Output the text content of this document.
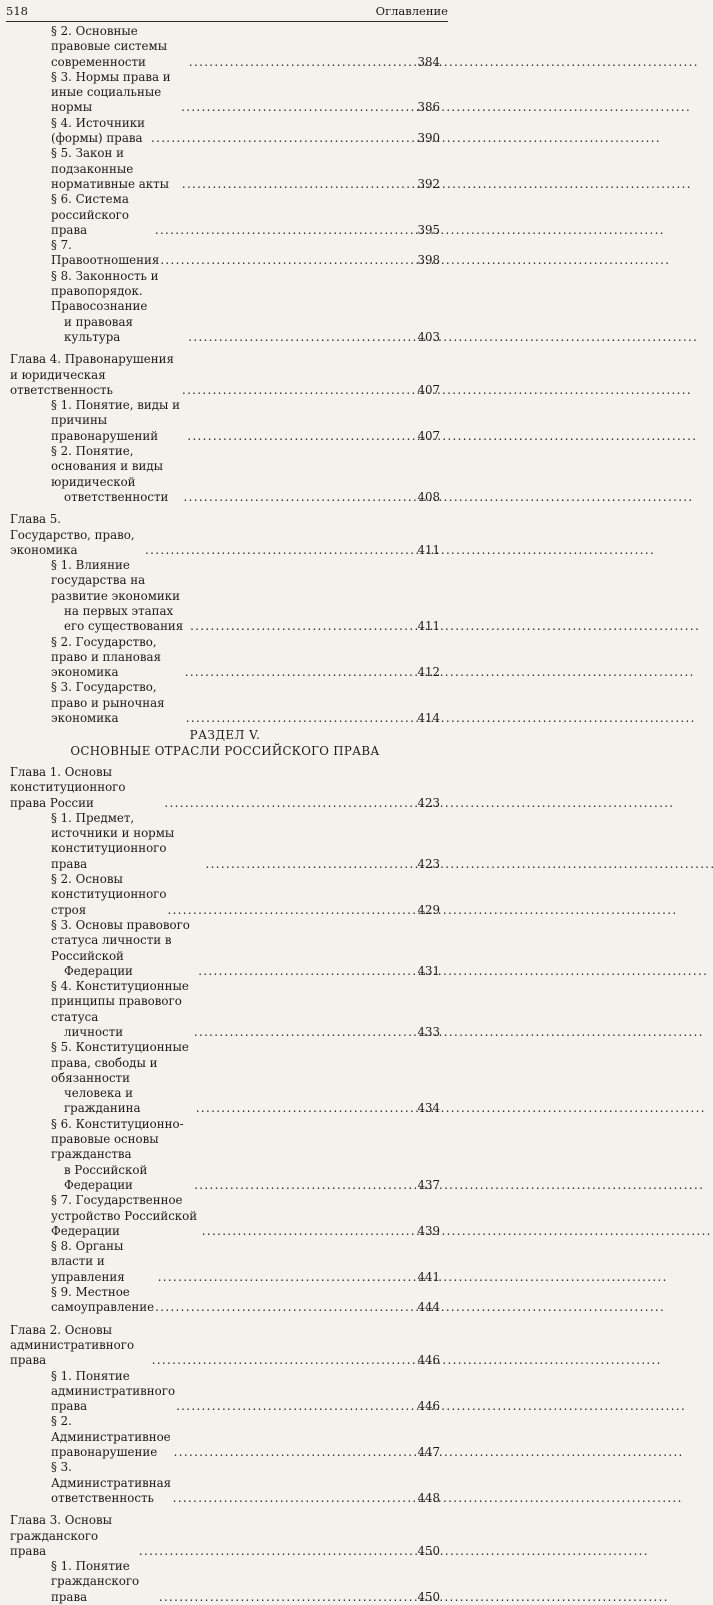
518	Оглавление
§ 2. Основные правовые системы современности . . .	384
§ 3. Нормы права и иные социальные нормы . . .	386
§ 4. Источники (формы) права . . .	390
§ 5. Закон и подзаконные нормативные акты . . .	392
§ 6. Система российского права . . .	395
§ 7. Правоотношения . . .	398
§ 8. Законность и правопорядок. Правосознание
и правовая культура . . .	403
Глава 4. Правонарушения и юридическая ответственность . . .	407
§ 1. Понятие, виды и причины правонарушений . . .	407
§ 2. Понятие, основания и виды юридической
ответственности . . .	408
Глава 5. Государство, право, экономика . . .	411
§ 1. Влияние государства на развитие экономики
на первых этапах его существования . . .	411
§ 2. Государство, право и плановая экономика . . .	412
§ 3. Государство, право и рыночная экономика . . .	414
РАЗДЕЛ V.
ОСНОВНЫЕ ОТРАСЛИ РОССИЙСКОГО ПРАВА
Глава 1. Основы конституционного права России . . .	423
§ 1. Предмет, источники и нормы конституционного права . . .	423
§ 2. Основы конституционного строя . . .	429
§ 3. Основы правового статуса личности в Российской
Федерации . . .	431
§ 4. Конституционные принципы правового статуса
личности . . .	433
§ 5. Конституционные права, свободы и обязанности
человека и гражданина . . .	434
§ 6. Конституционно-правовые основы гражданства
в Российской Федерации . . .	437
§ 7. Государственное устройство Российской Федерации . . .	439
§ 8. Органы власти и управления . . .	441
§ 9. Местное самоуправление . . .	444
Глава 2. Основы административного права . . .	446
§ 1. Понятие административного права . . .	446
§ 2. Административное правонарушение . . .	447
§ 3. Административная ответственность . . .	448
Глава 3. Основы гражданского права . . .	450
§ 1. Понятие гражданского права . . .	450
